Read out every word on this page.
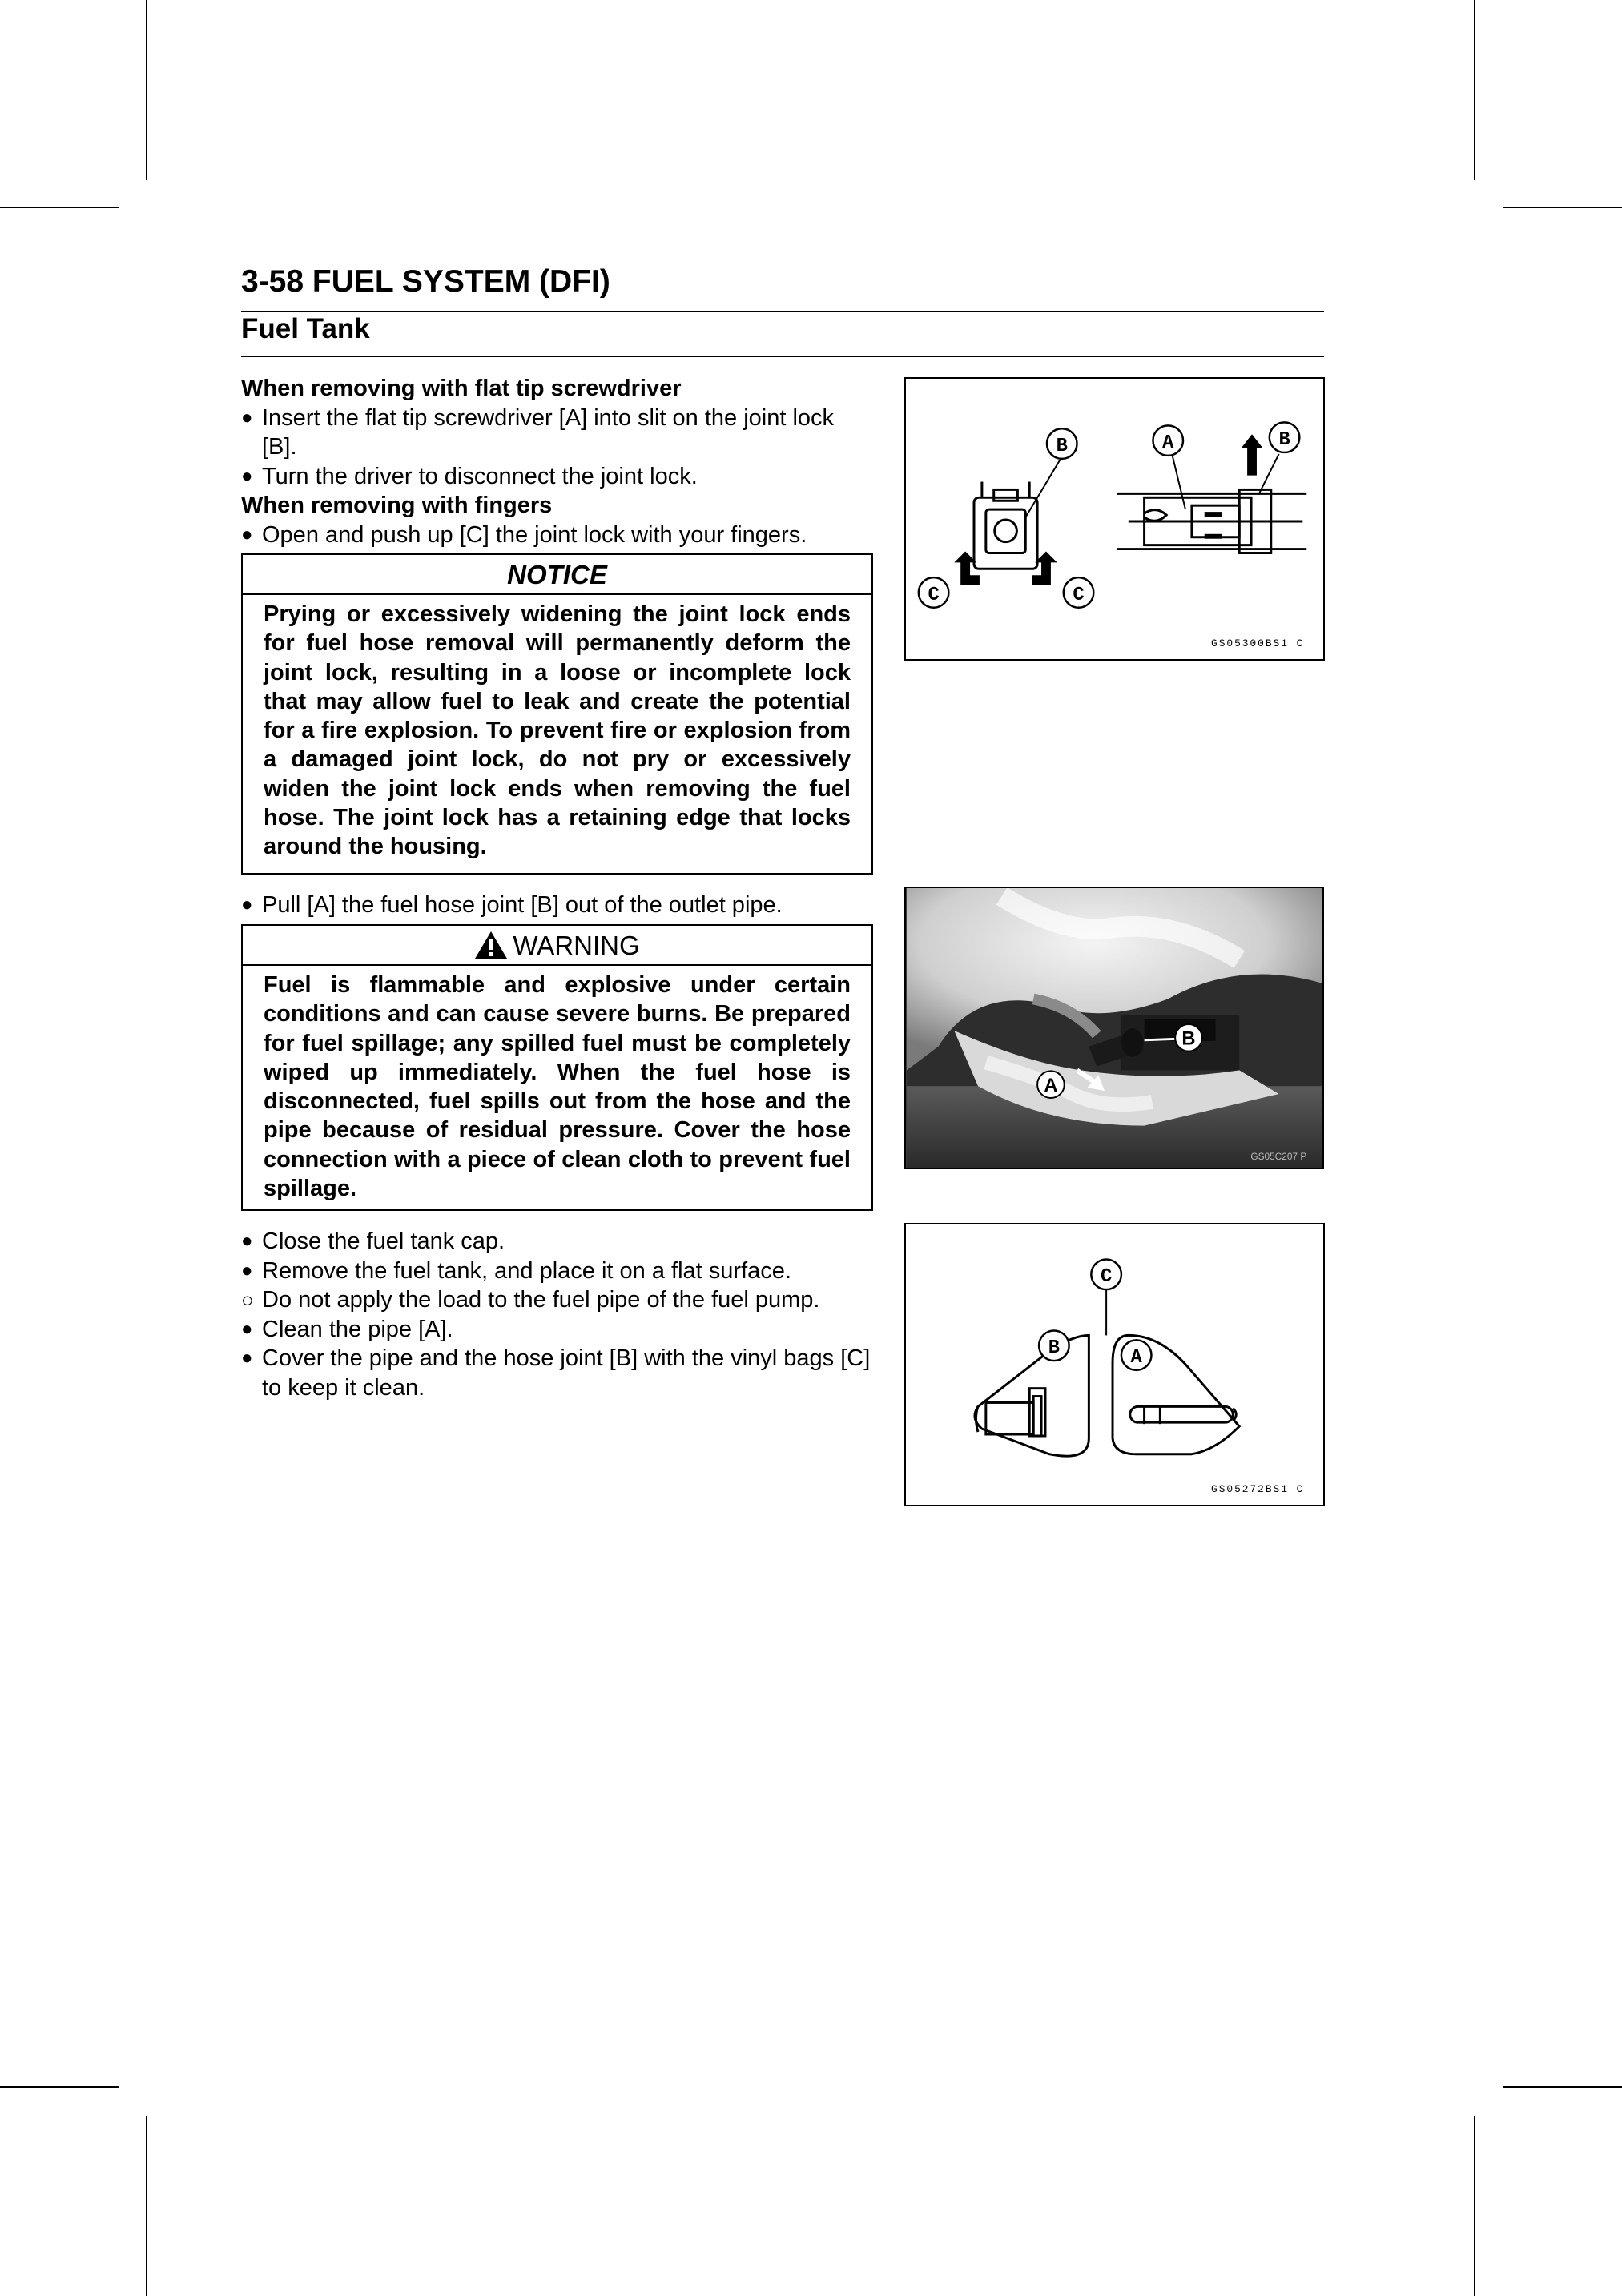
3-58 FUEL SYSTEM (DFI)
Fuel Tank

When removing with flat tip screwdriver

● Insert the flat tip screwdriver [A] into slit on the joint lock [B].

● Turn the driver to disconnect the joint lock.

When removing with fingers

● Open and push up [C] the joint lock with your fingers.

NOTICE
Prying or excessively widening the joint lock ends for fuel hose removal will permanently deform the joint lock, resulting in a loose or incomplete lock that may allow fuel to leak and create the potential for a fire explosion. To prevent fire or explosion from a damaged joint lock, do not pry or excessively widen the joint lock ends when removing the fuel hose. The joint lock has a retaining edge that locks around the housing.

● Pull [A] the fuel hose joint [B] out of the outlet pipe.

WARNING
Fuel is flammable and explosive under certain conditions and can cause severe burns. Be prepared for fuel spillage; any spilled fuel must be completely wiped up immediately. When the fuel hose is disconnected, fuel spills out from the hose and the pipe because of residual pressure. Cover the hose connection with a piece of clean cloth to prevent fuel spillage.

● Close the fuel tank cap.

● Remove the fuel tank, and place it on a flat surface.

○ Do not apply the load to the fuel pipe of the fuel pump.

● Clean the pipe [A].

● Cover the pipe and the hose joint [B] with the vinyl bags [C] to keep it clean.

B	A	B
C	C
GS05300BS1 C
B
A
GS05C207 P
C
B	A
GS05272BS1 C
